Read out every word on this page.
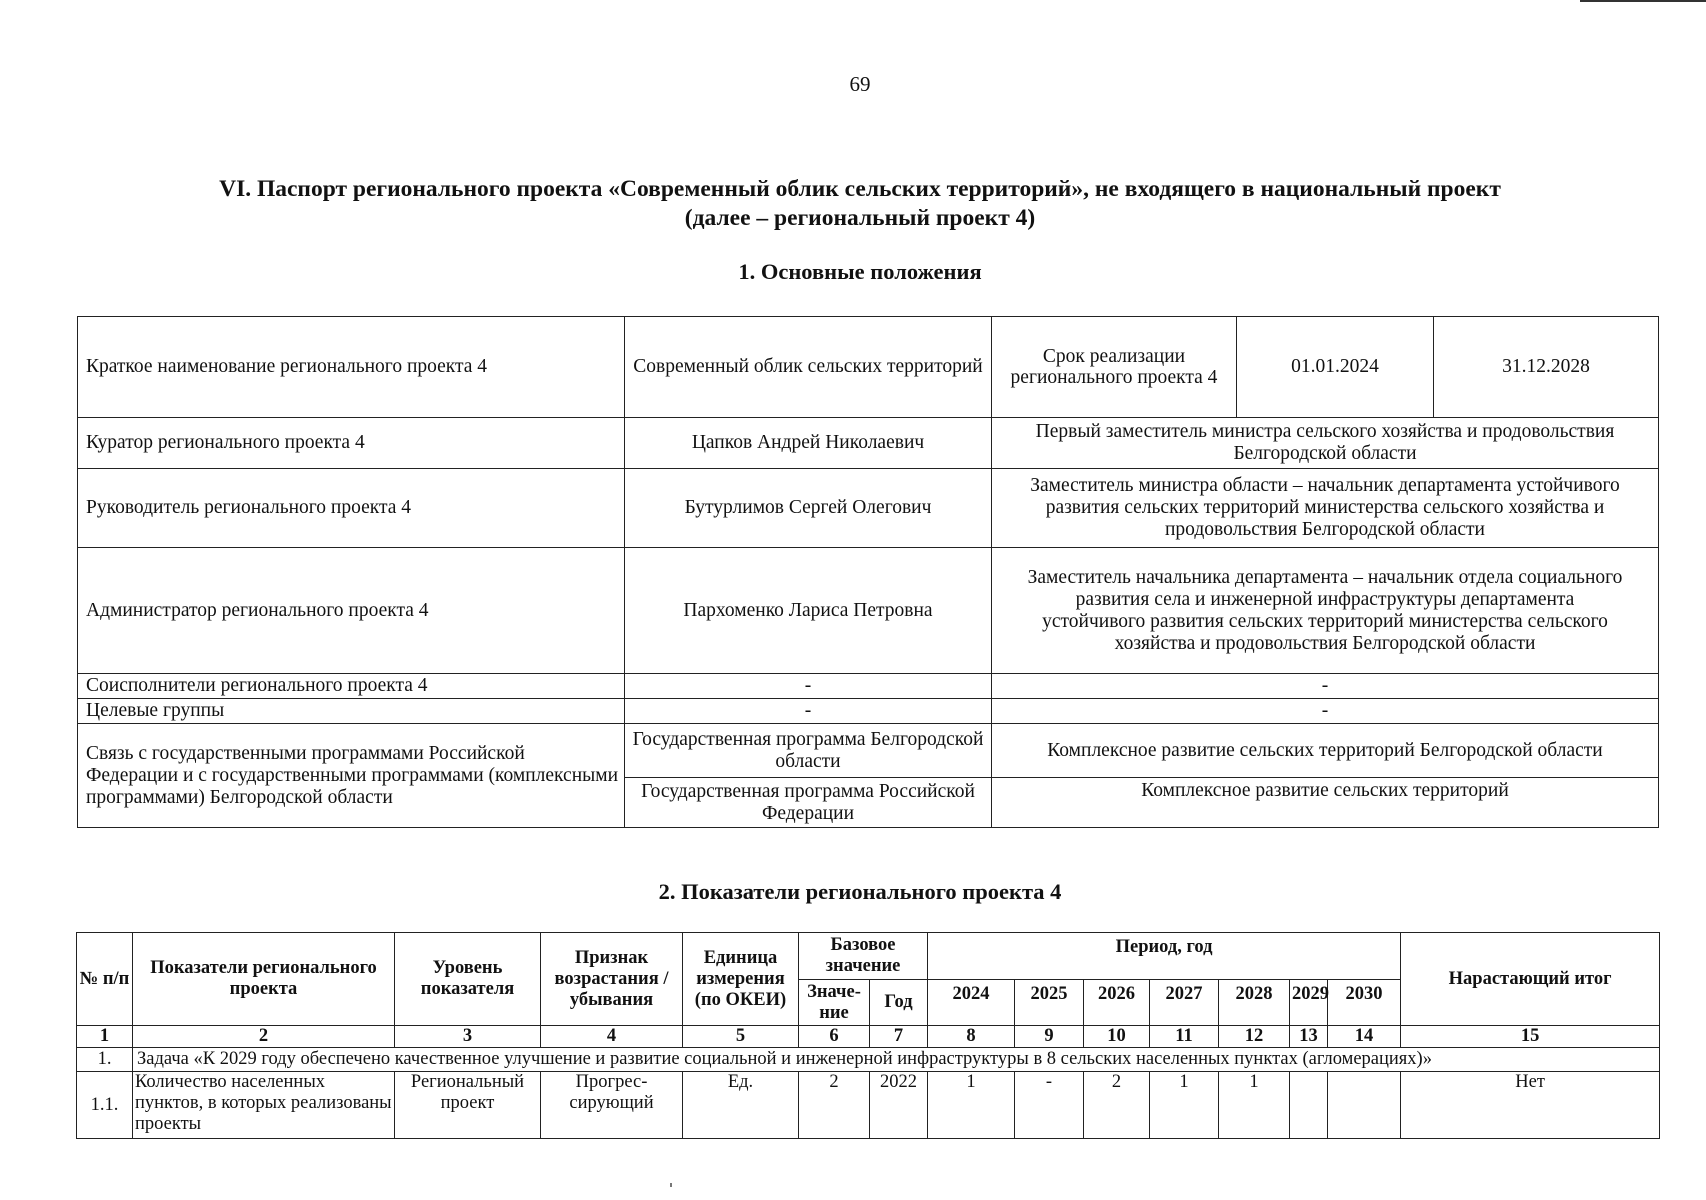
69
VI. Паспорт регионального проекта «Современный облик сельских территорий», не входящего в национальный проект
(далее – региональный проект 4)
1. Основные положения
Краткое наименование регионального проекта 4	Современный облик сельских территорий	Срок реализации регионального проекта 4	01.01.2024	31.12.2028
Куратор регионального проекта 4	Цапков Андрей Николаевич	Первый заместитель министра сельского хозяйства и продовольствия Белгородской области		
Руководитель регионального проекта 4	Бутурлимов Сергей Олегович	Заместитель министра области – начальник департамента устойчивого развития сельских территорий министерства сельского хозяйства и продовольствия Белгородской области		
Администратор регионального проекта 4	Пархоменко Лариса Петровна	Заместитель начальника департамента – начальник отдела социального развития села и инженерной инфраструктуры департамента устойчивого развития сельских территорий министерства сельского хозяйства и продовольствия Белгородской области		
Соисполнители регионального проекта 4	-	-		
Целевые группы	-	-		
Связь с государственными программами Российской Федерации и с государственными программами (комплексными программами) Белгородской области	Государственная программа Белгородской области	Комплексное развитие сельских территорий Белгородской области		
	Государственная программа Российской Федерации	Комплексное развитие сельских территорий		
2. Показатели регионального проекта 4
№ п/п	Показатели регионального проекта	Уровень показателя	Признак возрастания / убывания	Единица измерения (по ОКЕИ)	Базовое значение		Период, год							Нарастающий итог
					Значе-ние	Год	2024	2025	2026	2027	2028	2029	2030	
1	2	3	4	5	6	7	8	9	10	11	12	13	14	15
1.	Задача «К 2029 году обеспечено качественное улучшение и развитие социальной и инженерной инфраструктуры в 8 сельских населенных пунктах (агломерациях)»													
1.1.	Количество населенных пунктов, в которых реализованы проекты	Региональный проект	Прогрес-сирующий	Ед.	2	2022	1	-	2	1	1			Нет
